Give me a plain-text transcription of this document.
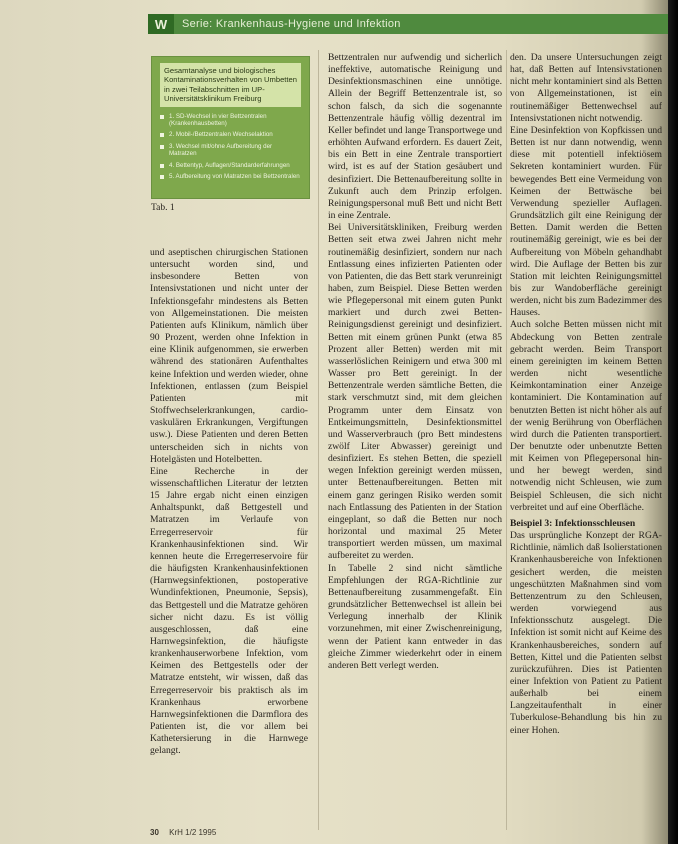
W	Serie: Krankenhaus-Hygiene und Infektion
Gesamtanalyse und biologisches Kontaminationsverhalten von Umbetten in zwei Teilabschnitten im UP-Universitätsklinikum Freiburg
1. SD-Wechsel in vier Bettzentralen (Krankenhausbetten)
2. Mobil-/Bettzentralen Wechselaktion
3. Wechsel mit/ohne Aufbereitung der Matratzen
4. Bettentyp, Auflagen/Standarderfahrungen
5. Aufbereitung von Matratzen bei Bettzentralen
Tab. 1

und aseptischen chirurgischen Stationen untersucht worden sind, und insbesondere Betten von Intensivstationen und nicht unter der Infektionsgefahr mindestens als Betten von Allgemeinstationen. Die meisten Patienten aufs Klinikum, nämlich über 90 Prozent, werden ohne Infektion in eine Klinik aufgenommen, sie erwerben während des stationären Aufenthaltes keine Infektion und werden wieder, ohne Infektionen, entlassen (zum Beispiel Patienten mit Stoffwechselerkrankungen, cardio-vaskulären Erkrankungen, Vergiftungen usw.). Diese Patienten und deren Betten unterscheiden sich in nichts von Hotelgästen und Hotelbetten.

Eine Recherche in der wissenschaftlichen Literatur der letzten 15 Jahre ergab nicht einen einzigen Anhaltspunkt, daß Bettgestell und Matratzen im Verlaufe von Erregerreservoir für Krankenhausinfektionen sind. Wir kennen heute die Erregerreservoire für die häufigsten Krankenhausinfektionen (Harnwegsinfektionen, postoperative Wundinfektionen, Pneumonie, Sepsis), das Bettgestell und die Matratze gehören sicher nicht dazu. Es ist völlig ausgeschlossen, daß eine Harnwegsinfektion, die häufigste krankenhauserworbene Infektion, vom Keimen des Bettgestells oder der Matratze entsteht, wir wissen, daß das Erregerreservoir bis praktisch als im Krankenhaus erworbene Harnwegsinfektionen die Darmflora des Patienten ist, die vor allem bei Kathetersierung in die Harnwege gelangt.

Bettzentralen nur aufwendig und sicherlich ineffektive, automatische Reinigung und Desinfektionsmaschinen eine unnötige. Allein der Begriff Bettenzentrale ist, so schon falsch, da sich die sogenannte Bettenzentrale häufig völlig dezentral im Keller befindet und lange Transportwege und erhöhten Aufwand erfordern. Es dauert Zeit, bis ein Bett in eine Zentrale transportiert wird, ist es auf der Station gesäubert und desinfiziert. Die Bettenaufbereitung sollte in Zukunft auch dem Prinzip erfolgen. Reinigungspersonal muß Bett und nicht Bett in eine Zentrale.

Bei Universitätskliniken, Freiburg werden Betten seit etwa zwei Jahren nicht mehr routinemäßig desinfiziert, sondern nur nach Entlassung eines infizierten Patienten oder von Patienten, die das Bett stark verunreinigt haben, zum Beispiel. Diese Betten werden wie Pflegepersonal mit einem guten Punkt markiert und durch zwei Betten-Reinigungsdienst gereinigt und desinfiziert. Betten mit einem grünen Punkt (etwa 85 Prozent aller Betten) werden mit mit wasserlöslichen Reinigern und etwa 300 ml Wasser pro Bett gereinigt. In der Bettenzentrale werden sämtliche Betten, die stark verschmutzt sind, mit dem gleichen Programm unter dem Einsatz von Entkeimungsmitteln, Desinfektionsmittel und Wasserverbrauch (pro Bett mindestens zwölf Liter Abwasser) gereinigt und desinfiziert. Es stehen Betten, die speziell wegen Infektion gereinigt werden müssen, unter Bettenaufbereitungen. Betten mit einem ganz geringen Risiko werden somit nach Entlassung des Patienten in der Station eingeplant, so daß die Betten nur noch horizontal und maximal 25 Meter transportiert werden müssen, um maximal aufbereitet zu werden.

In Tabelle 2 sind nicht sämtliche Empfehlungen der RGA-Richtlinie zur Bettenaufbereitung zusammengefaßt. Ein grundsätzlicher Bettenwechsel ist allein bei Verlegung innerhalb der Klinik vorzunehmen, mit einer Zwischenreinigung, wenn der Patient kann entweder in das gleiche Zimmer wiederkehrt oder in einem anderen Bett verlegt werden.

den. Da unsere Untersuchungen zeigt hat, daß Betten auf Intensivstationen nicht mehr kontaminiert sind als Betten von Allgemeinstationen, ist ein routinemäßiger Bettenwechsel auf Intensivstationen nicht notwendig.

Eine Desinfektion von Kopfkissen und Betten ist nur dann notwendig, wenn diese mit potentiell infektiösem Sekreten kontaminiert wurden. Für bewegendes Bett eine Vermeidung von Keimen der Bettwäsche bei Verwendung spezieller Auflagen. Grundsätzlich gilt eine Reinigung der Betten. Damit werden die Betten routinemäßig gereinigt, wie es bei der Aufbereitung von Möbeln gehandhabt wird. Die Auflage der Betten bis zur Station mit leichten Reinigungsmittel bis zur Wandoberfläche gereinigt werden, nicht bis zum Badezimmer des Hauses.

Auch solche Betten müssen nicht mit Abdeckung von Betten zentrale gebracht werden. Beim Transport einem gereinigten im keinem Betten werden nicht wesentliche Keimkontamination einer Anzeige kontaminiert. Die Kontamination auf benutzten Betten ist nicht höher als auf der wenig Berührung von Oberflächen wird durch die Patienten transportiert. Der benutzte oder unbenutzte Betten mit Keimen von Pflegepersonal hin- und her bewegt werden, sind notwendig nicht Schleusen, wie zum Beispiel Schleusen, die sich nicht verbreitet und auf eine Oberfläche.

Beispiel 3: Infektionsschleusen

Das ursprüngliche Konzept der RGA-Richtlinie, nämlich daß Isolierstationen Krankenhausbereiche von Infektionen gesichert werden, die meisten ungeschützten Maßnahmen sind vom Bettenzentrum zu den Schleusen, werden vorwiegend aus Infektionsschutz ausgelegt. Die Infektion ist somit nicht auf Keime des Krankenhausbereiches, sondern auf Betten, Kittel und die Patienten selbst zurückzuführen. Dies ist Patienten einer Infektion von Patient zu Patient außerhalb bei einem Langzeitaufenthalt in einer Tuberkulose-Behandlung bis hin zu einer Hohen.

30 KrH 1/2 1995
